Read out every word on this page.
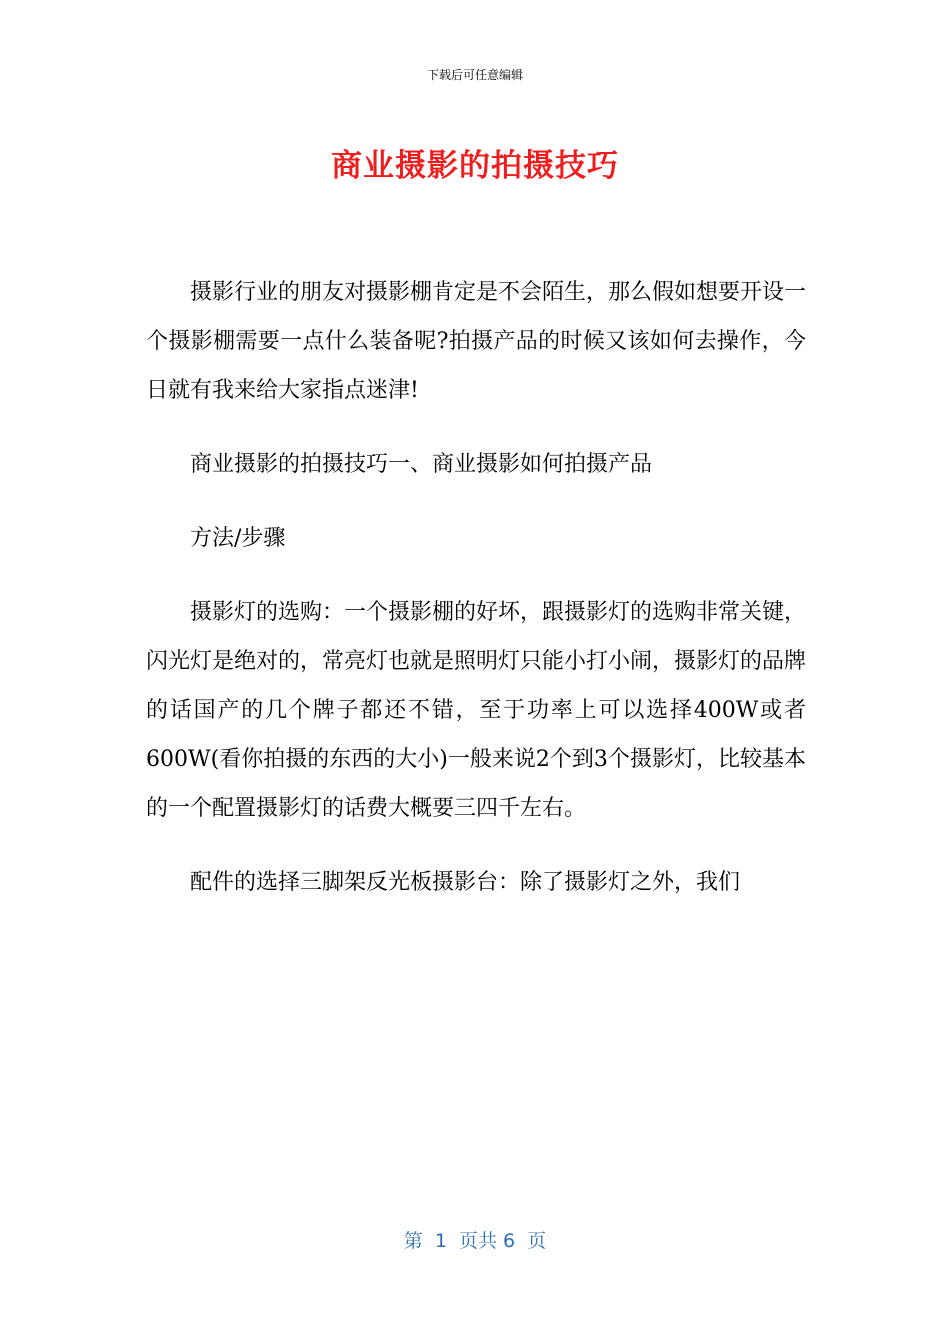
下载后可任意编辑
商业摄影的拍摄技巧

摄影行业的朋友对摄影棚肯定是不会陌生，那么假如想要开设一个摄影棚需要一点什么装备呢?拍摄产品的时候又该如何去操作，今日就有我来给大家指点迷津!

商业摄影的拍摄技巧一、商业摄影如何拍摄产品

方法/步骤

摄影灯的选购：一个摄影棚的好坏，跟摄影灯的选购非常关键，闪光灯是绝对的，常亮灯也就是照明灯只能小打小闹，摄影灯的品牌的话国产的几个牌子都还不错，至于功率上可以选择400W或者600W(看你拍摄的东西的大小)一般来说2个到3个摄影灯，比较基本的一个配置摄影灯的话费大概要三四千左右。

配件的选择三脚架反光板摄影台：除了摄影灯之外，我们

第  1  页共 6  页
